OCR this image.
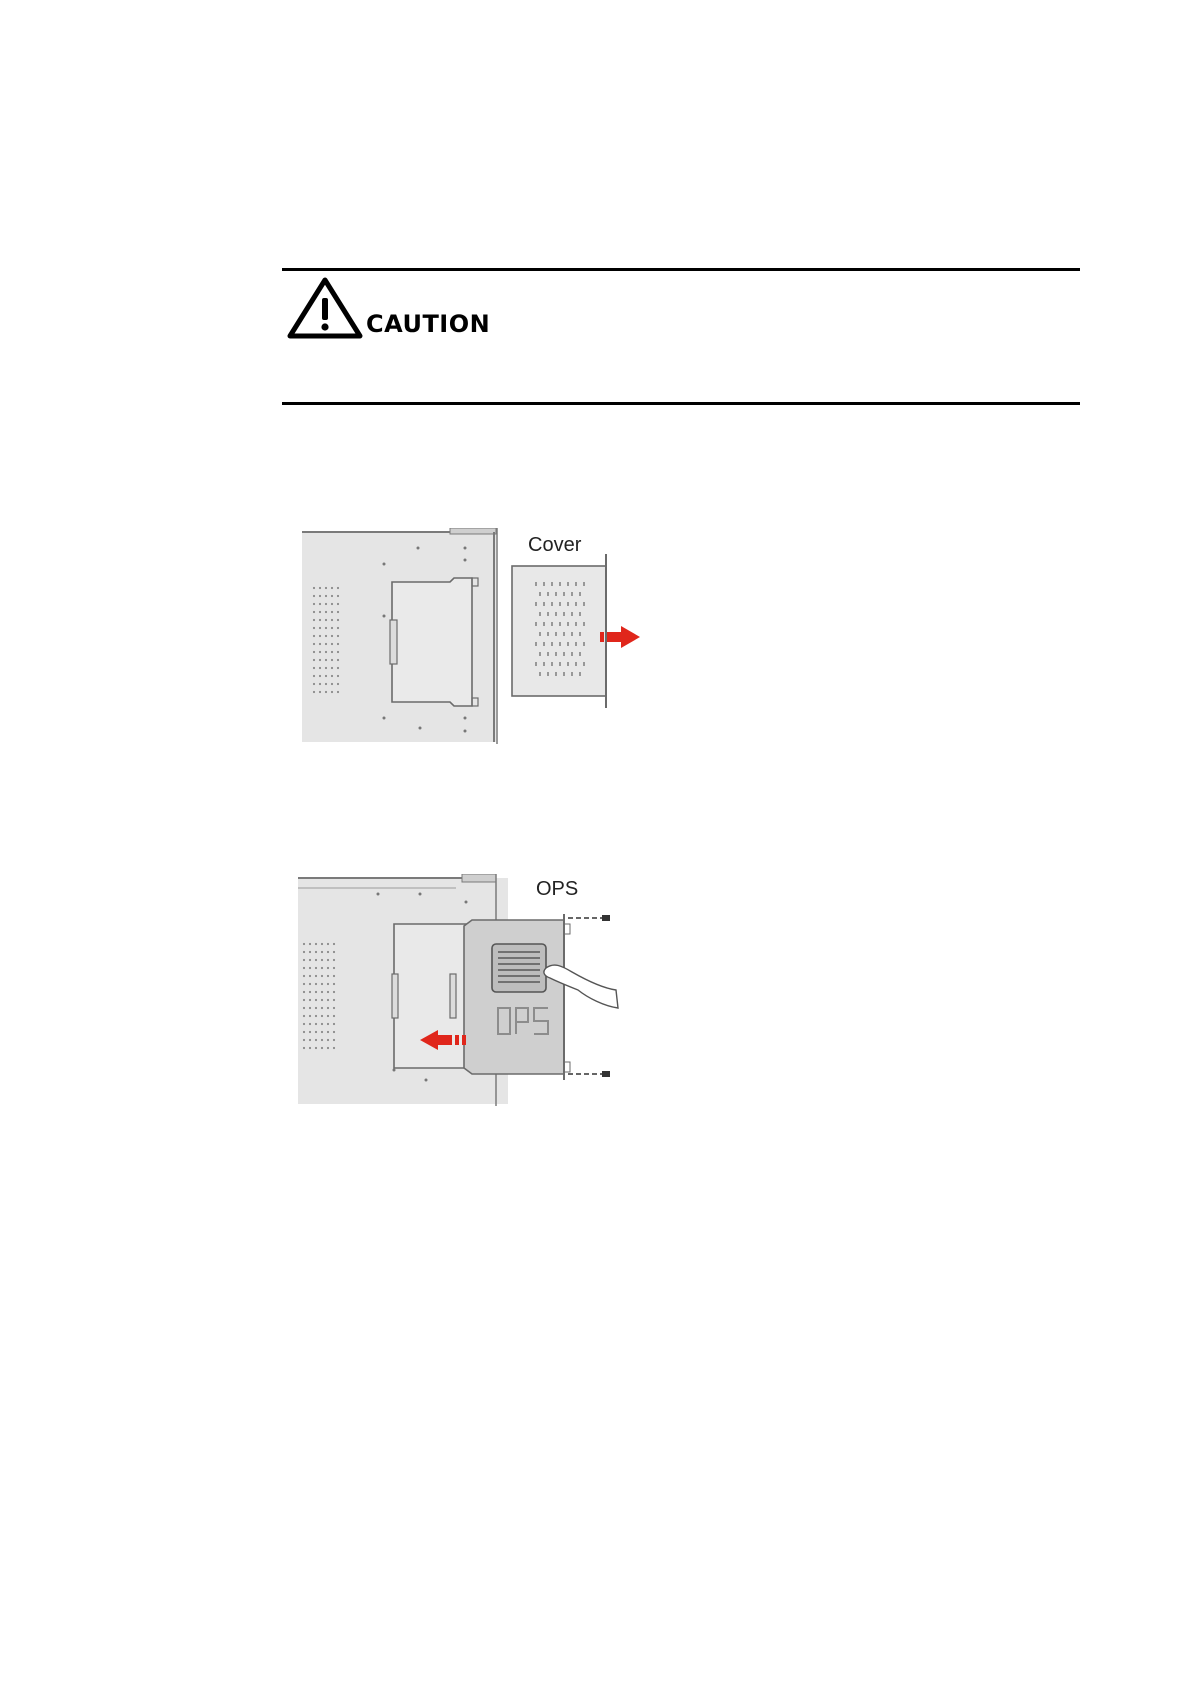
CAUTION
Cover
OPS
